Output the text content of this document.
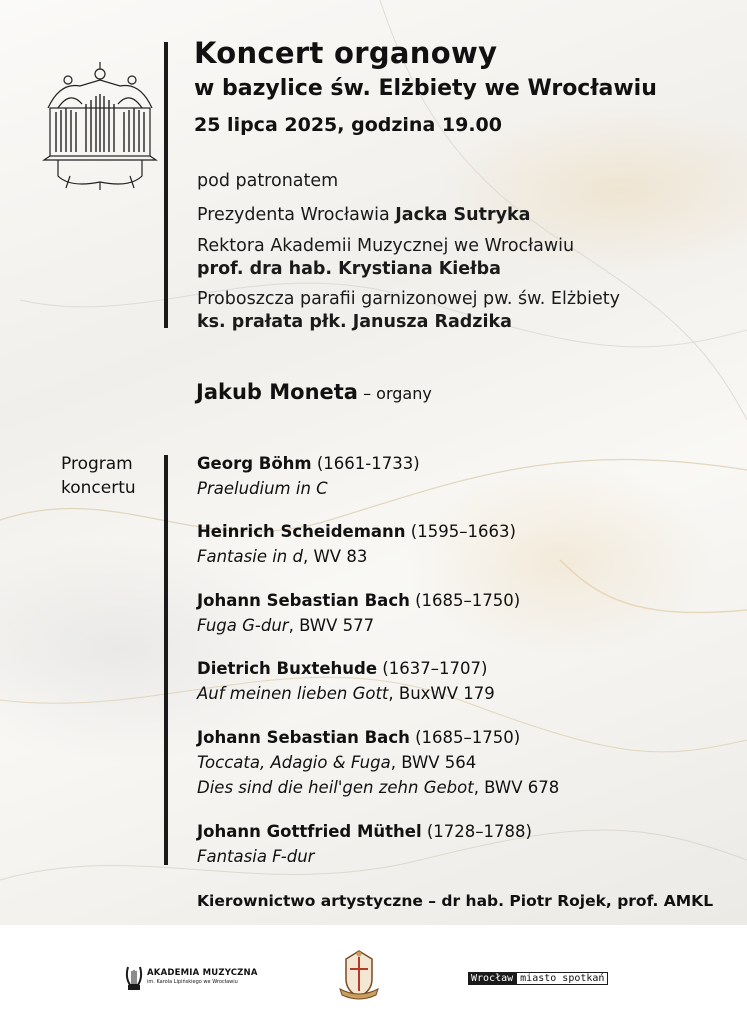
Koncert organowy
w bazylice św. Elżbiety we Wrocławiu
25 lipca 2025, godzina 19.00
pod patronatem
Prezydenta Wrocławia Jacka Sutryka
Rektora Akademii Muzycznej we Wrocławiu
prof. dra hab. Krystiana Kiełba
Proboszcza parafii garnizonowej pw. św. Elżbiety
ks. prałata płk. Janusza Radzika
Jakub Moneta – organy
Program koncertu
Georg Böhm (1661-1733)
Praeludium in C
Heinrich Scheidemann (1595–1663)
Fantasie in d, WV 83
Johann Sebastian Bach (1685–1750)
Fuga G-dur, BWV 577
Dietrich Buxtehude (1637–1707)
Auf meinen lieben Gott, BuxWV 179
Johann Sebastian Bach (1685–1750)
Toccata, Adagio & Fuga, BWV 564
Dies sind die heil'gen zehn Gebot, BWV 678
Johann Gottfried Müthel (1728–1788)
Fantasia F-dur
Kierownictwo artystyczne – dr hab. Piotr Rojek, prof. AMKL
AKADEMIA MUZYCZNA
im. Karola Lipińskiego we Wrocławiu	Wrocław miasto spotkań
